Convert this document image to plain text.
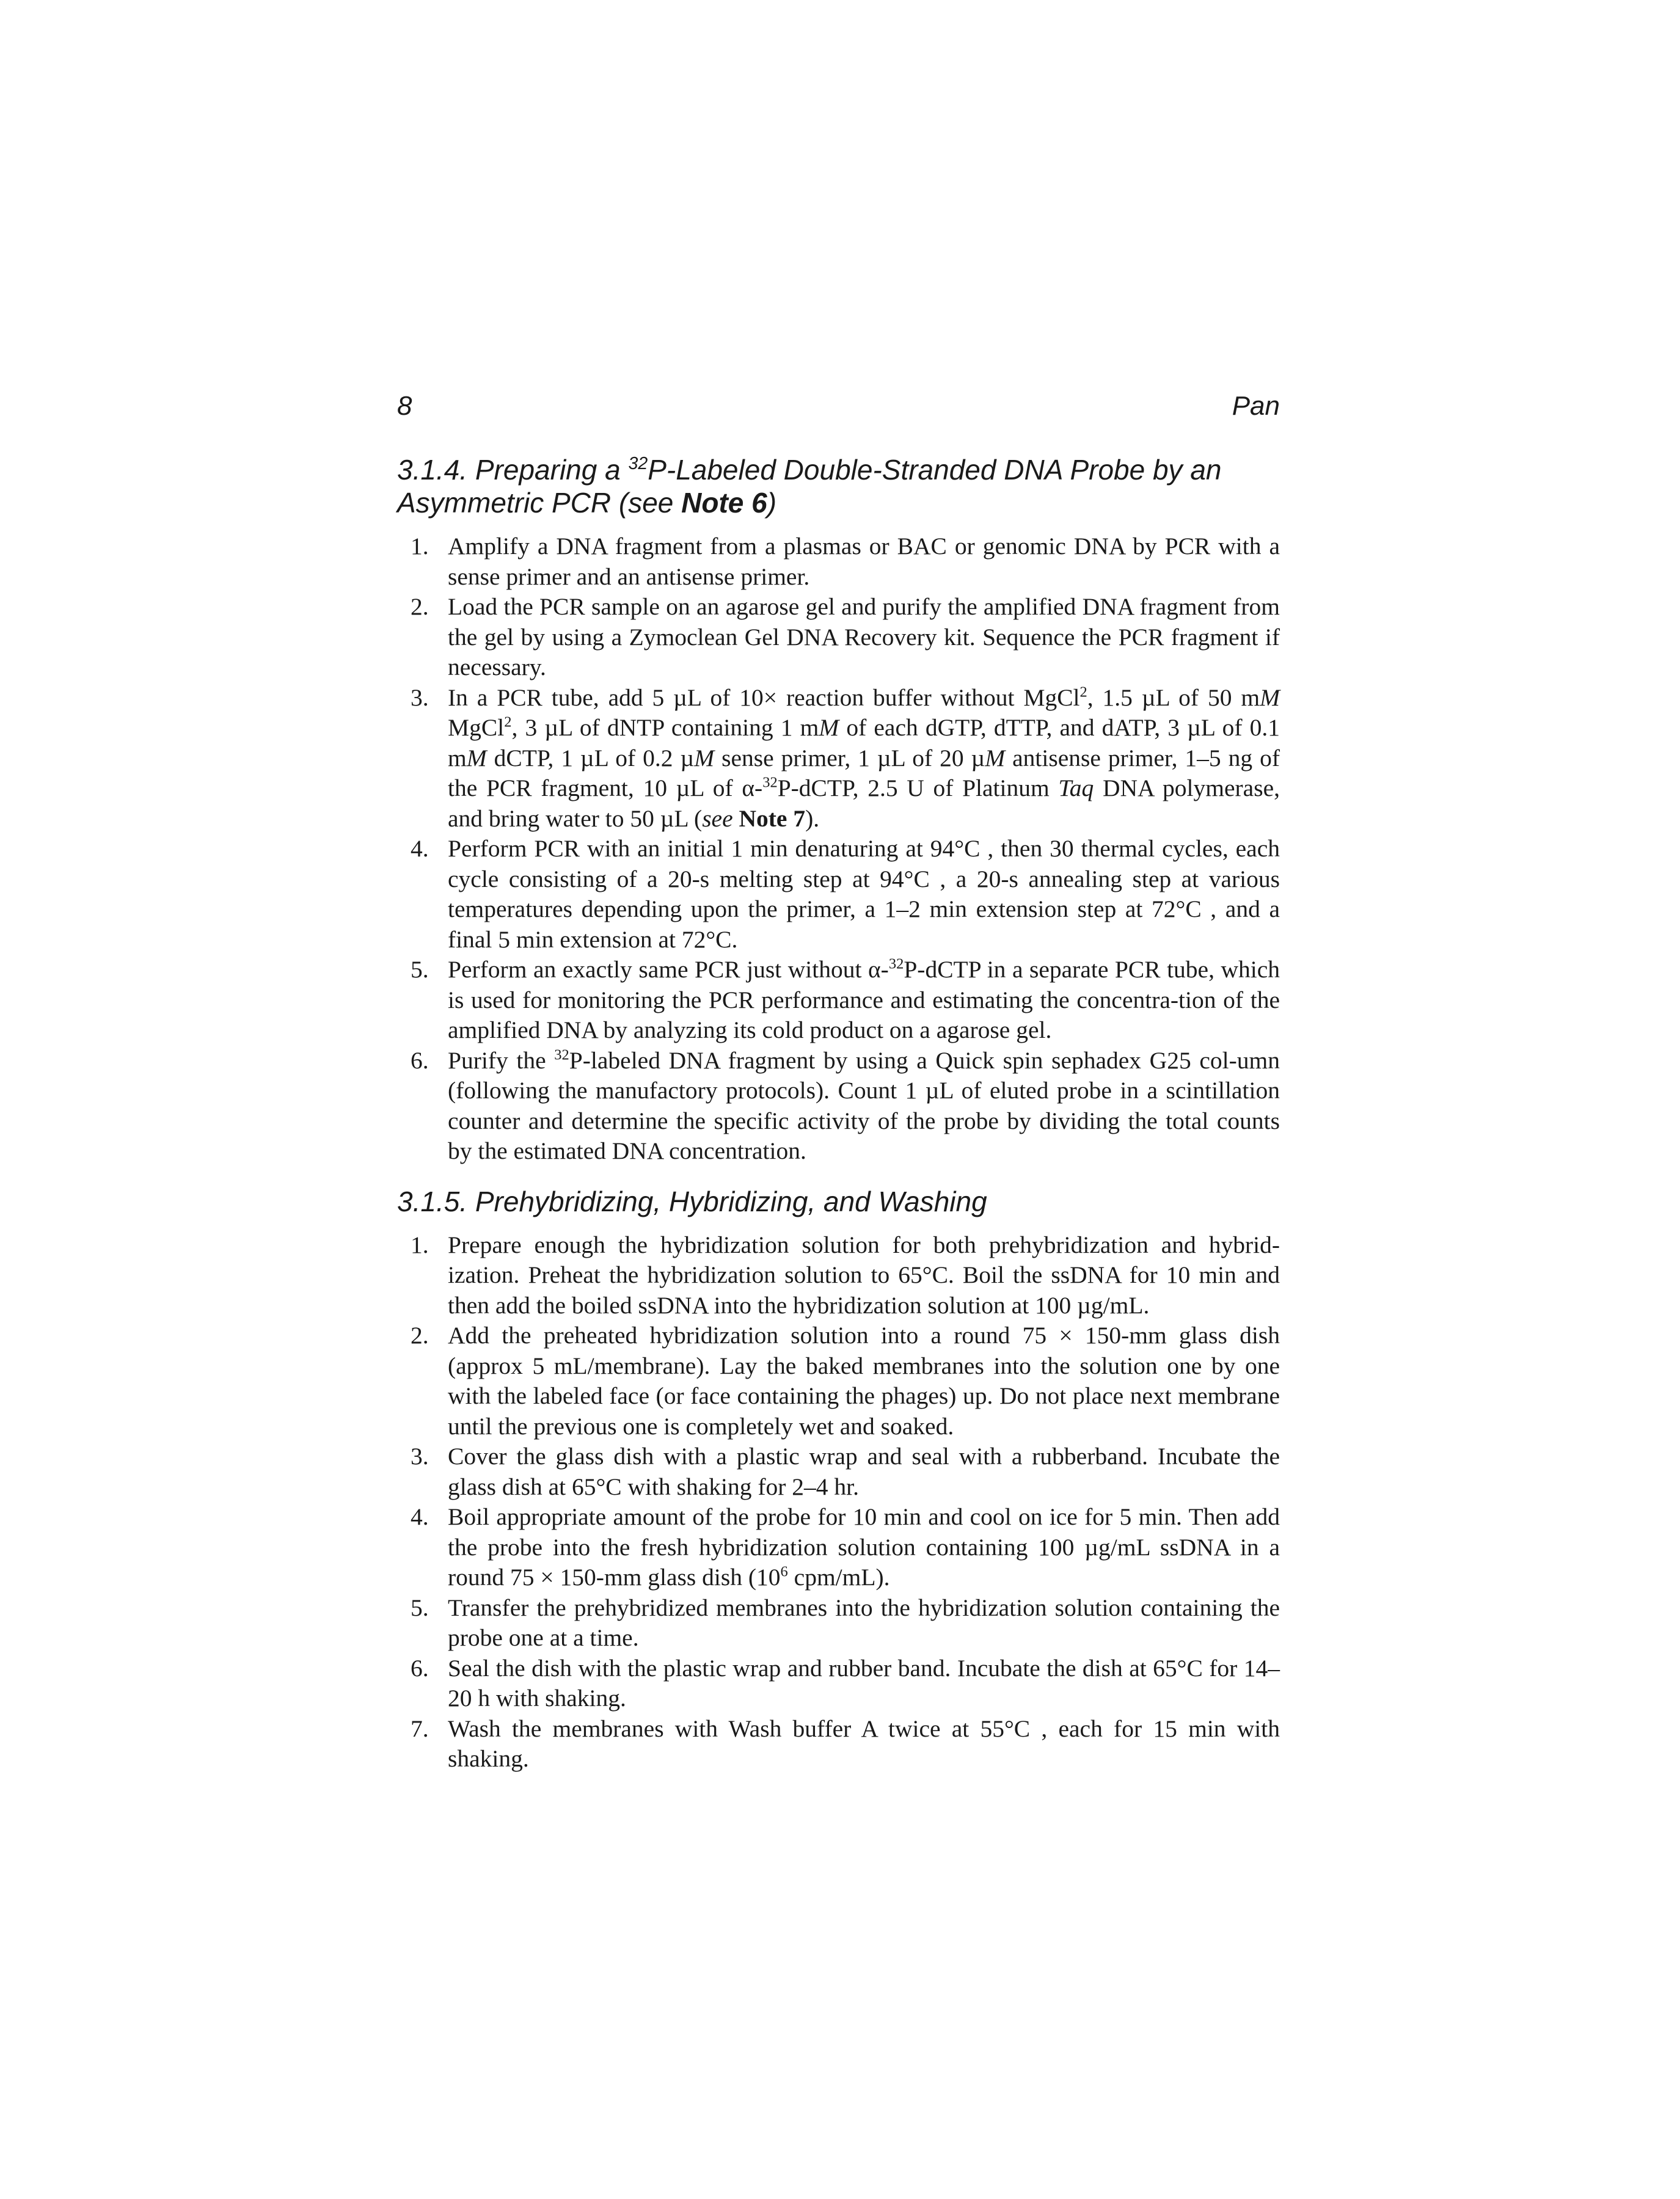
8	Pan
3.1.4. Preparing a $^{32}$P-Labeled Double-Stranded DNA Probe by an Asymmetric PCR (see Note 6)
1. Amplify a DNA fragment from a plasmas or BAC or genomic DNA by PCR with a sense primer and an antisense primer.
2. Load the PCR sample on an agarose gel and purify the amplified DNA fragment from the gel by using a Zymoclean Gel DNA Recovery kit. Sequence the PCR fragment if necessary.
3. In a PCR tube, add 5 µL of 10× reaction buffer without MgCl$^2$, 1.5 µL of 50 mM MgCl$^2$, 3 µL of dNTP containing 1 mM of each dGTP, dTTP, and dATP, 3 µL of 0.1 mM dCTP, 1 µL of 0.2 µM sense primer, 1 µL of 20 µM antisense primer, 1–5 ng of the PCR fragment, 10 µL of α-$^{32}$P-dCTP, 2.5 U of Platinum Taq DNA polymerase, and bring water to 50 µL (see Note 7).
4. Perform PCR with an initial 1 min denaturing at 94°C , then 30 thermal cycles, each cycle consisting of a 20-s melting step at 94°C , a 20-s annealing step at various temperatures depending upon the primer, a 1–2 min extension step at 72°C , and a final 5 min extension at 72°C.
5. Perform an exactly same PCR just without α-$^{32}$P-dCTP in a separate PCR tube, which is used for monitoring the PCR performance and estimating the concentra-tion of the amplified DNA by analyzing its cold product on a agarose gel.
6. Purify the $^{32}$P-labeled DNA fragment by using a Quick spin sephadex G25 col-umn (following the manufactory protocols). Count 1 µL of eluted probe in a scintillation counter and determine the specific activity of the probe by dividing the total counts by the estimated DNA concentration.
3.1.5. Prehybridizing, Hybridizing, and Washing
1. Prepare enough the hybridization solution for both prehybridization and hybrid-ization. Preheat the hybridization solution to 65°C. Boil the ssDNA for 10 min and then add the boiled ssDNA into the hybridization solution at 100 µg/mL.
2. Add the preheated hybridization solution into a round 75 × 150-mm glass dish (approx 5 mL/membrane). Lay the baked membranes into the solution one by one with the labeled face (or face containing the phages) up. Do not place next membrane until the previous one is completely wet and soaked.
3. Cover the glass dish with a plastic wrap and seal with a rubberband. Incubate the glass dish at 65°C with shaking for 2–4 hr.
4. Boil appropriate amount of the probe for 10 min and cool on ice for 5 min. Then add the probe into the fresh hybridization solution containing 100 µg/mL ssDNA in a round 75 × 150-mm glass dish ($10^6$ cpm/mL).
5. Transfer the prehybridized membranes into the hybridization solution containing the probe one at a time.
6. Seal the dish with the plastic wrap and rubber band. Incubate the dish at 65°C for 14–20 h with shaking.
7. Wash the membranes with Wash buffer A twice at 55°C , each for 15 min with shaking.
